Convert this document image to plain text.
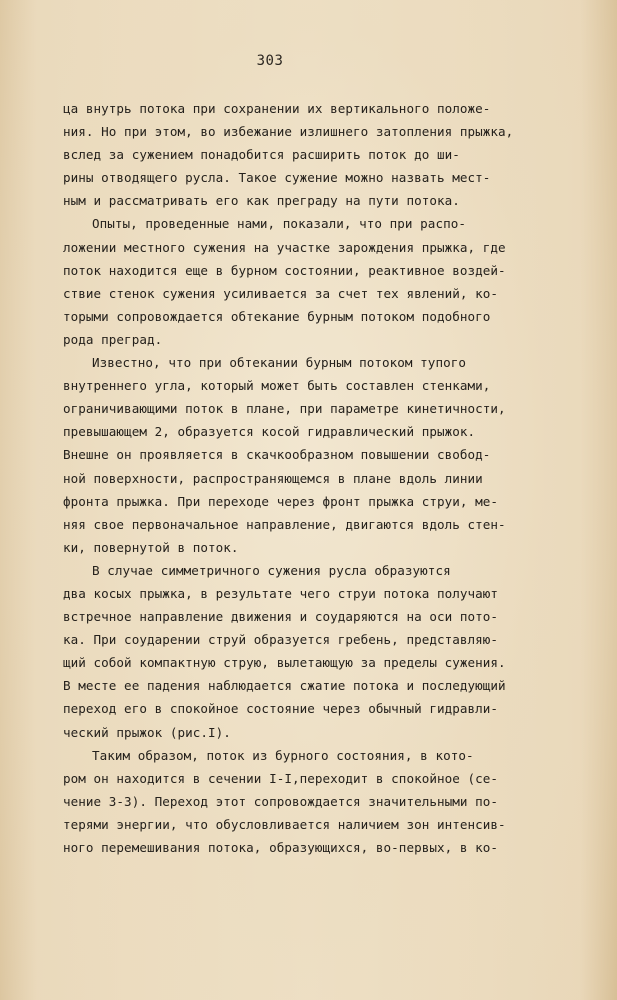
303
ца внутрь потока при сохранении их вертикального положе-
ния. Но при этом, во избежание излишнего затопления прыжка,
вслед за сужением понадобится расширить поток до ши-
рины отводящего русла. Такое сужение можно назвать мест-
ным и рассматривать его как преграду на пути потока.
Опыты, проведенные нами, показали, что при распо-
ложении местного сужения на участке зарождения прыжка, где
поток находится еще в бурном состоянии, реактивное воздей-
ствие стенок сужения усиливается за счет тех явлений, ко-
торыми сопровождается обтекание бурным потоком подобного
рода преград.
Известно, что при обтекании бурным потоком тупого
внутреннего угла, который может быть составлен стенками,
ограничивающими поток в плане, при параметре кинетичности,
превышающем 2, образуется косой гидравлический прыжок.
Внешне он проявляется в скачкообразном повышении свобод-
ной поверхности, распространяющемся в плане вдоль линии
фронта прыжка. При переходе через фронт прыжка струи, ме-
няя свое первоначальное направление, двигаются вдоль стен-
ки, повернутой в поток.
В случае симметричного сужения русла образуются
два косых прыжка, в результате чего струи потока получают
встречное направление движения и соударяются на оси пото-
ка. При соударении струй образуется гребень, представляю-
щий собой компактную струю, вылетающую за пределы сужения.
В месте ее падения наблюдается сжатие потока и последующий
переход его в спокойное состояние через обычный гидравли-
ческий прыжок (рис.I).
Таким образом, поток из бурного состояния, в кото-
ром он находится в сечении I-I,переходит в спокойное (се-
чение 3-3). Переход этот сопровождается значительными по-
терями энергии, что обусловливается наличием зон интенсив-
ного перемешивания потока, образующихся, во-первых, в ко-
